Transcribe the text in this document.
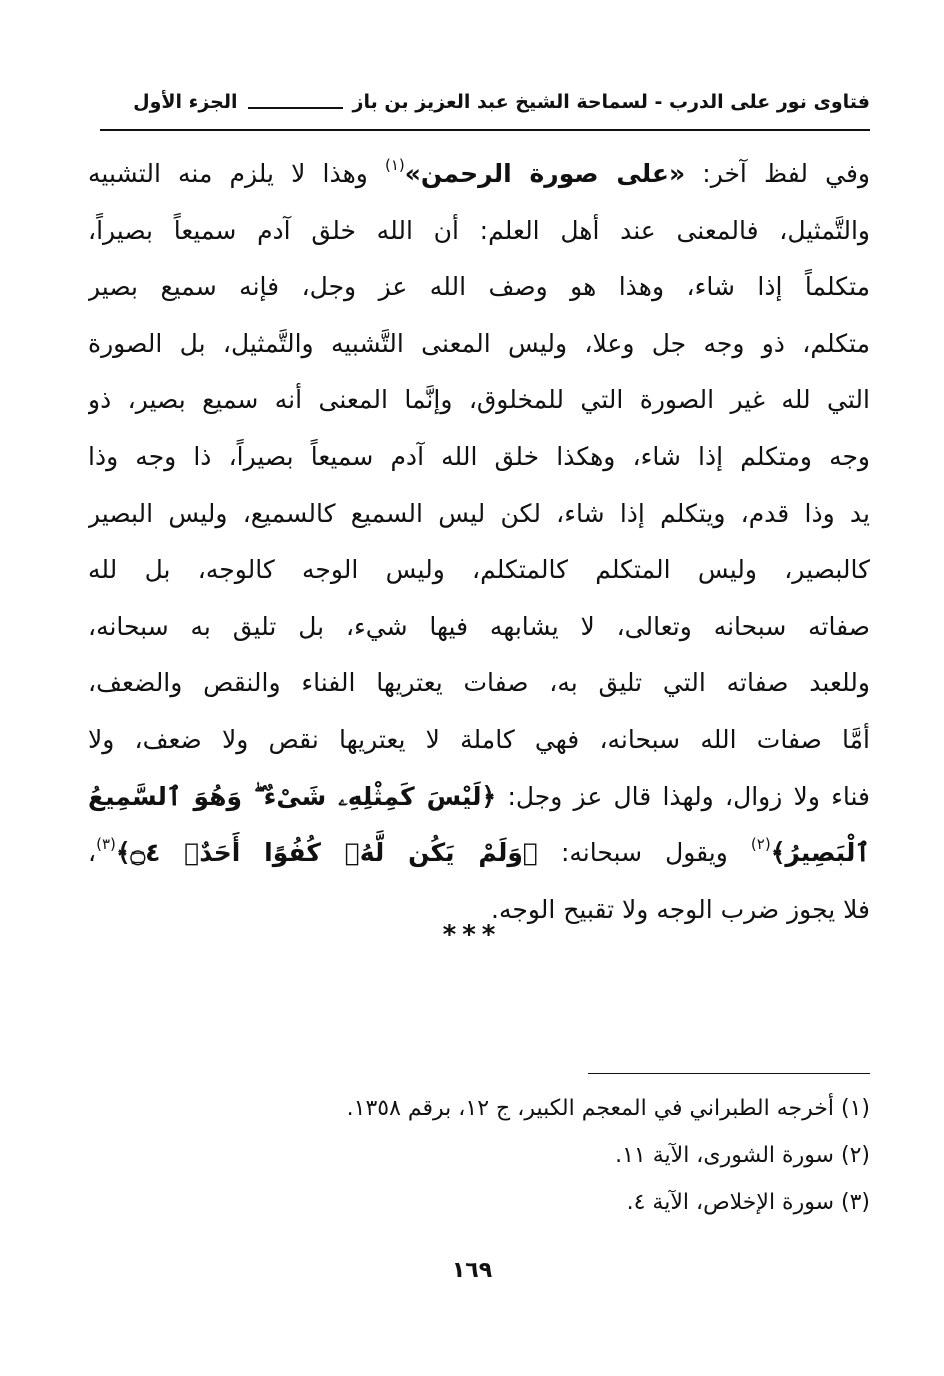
فتاوى نور على الدرب - لسماحة الشيخ عبد العزيز بن باز
الجزء الأول
وفي لفظ آخر: «على صورة الرحمن»$^{(١)}$ وهذا لا يلزم منه التشبيه
والتَّمثيل، فالمعنى عند أهل العلم: أن الله خلق آدم سميعاً بصيراً،
متكلماً إذا شاء، وهذا هو وصف الله عز وجل، فإنه سميع بصير
متكلم، ذو وجه جل وعلا، وليس المعنى التَّشبيه والتَّمثيل، بل الصورة
التي لله غير الصورة التي للمخلوق، وإنَّما المعنى أنه سميع بصير، ذو
وجه ومتكلم إذا شاء، وهكذا خلق الله آدم سميعاً بصيراً، ذا وجه وذا
يد وذا قدم، ويتكلم إذا شاء، لكن ليس السميع كالسميع، وليس البصير
كالبصير، وليس المتكلم كالمتكلم، وليس الوجه كالوجه، بل لله
صفاته سبحانه وتعالى، لا يشابهه فيها شيء، بل تليق به سبحانه،
وللعبد صفاته التي تليق به، صفات يعتريها الفناء والنقص والضعف،
أمَّا صفات الله سبحانه، فهي كاملة لا يعتريها نقص ولا ضعف، ولا
فناء ولا زوال، ولهذا قال عز وجل: ﴿لَيْسَ كَمِثْلِهِۦ شَىْءٌ ۖ وَهُوَ ٱلسَّمِيعُ
ٱلْبَصِيرُ﴾$^{(٢)}$ ويقول سبحانه: ﴿وَلَمْ يَكُن لَّهُۥ كُفُوًا أَحَدٌۢ ۝٤﴾$^{(٣)}$،
فلا يجوز ضرب الوجه ولا تقبيح الوجه.
***
(١) أخرجه الطبراني في المعجم الكبير، ج ١٢، برقم ١٣٥٨.
(٢) سورة الشورى، الآية ١١.
(٣) سورة الإخلاص، الآية ٤.
١٦٩
